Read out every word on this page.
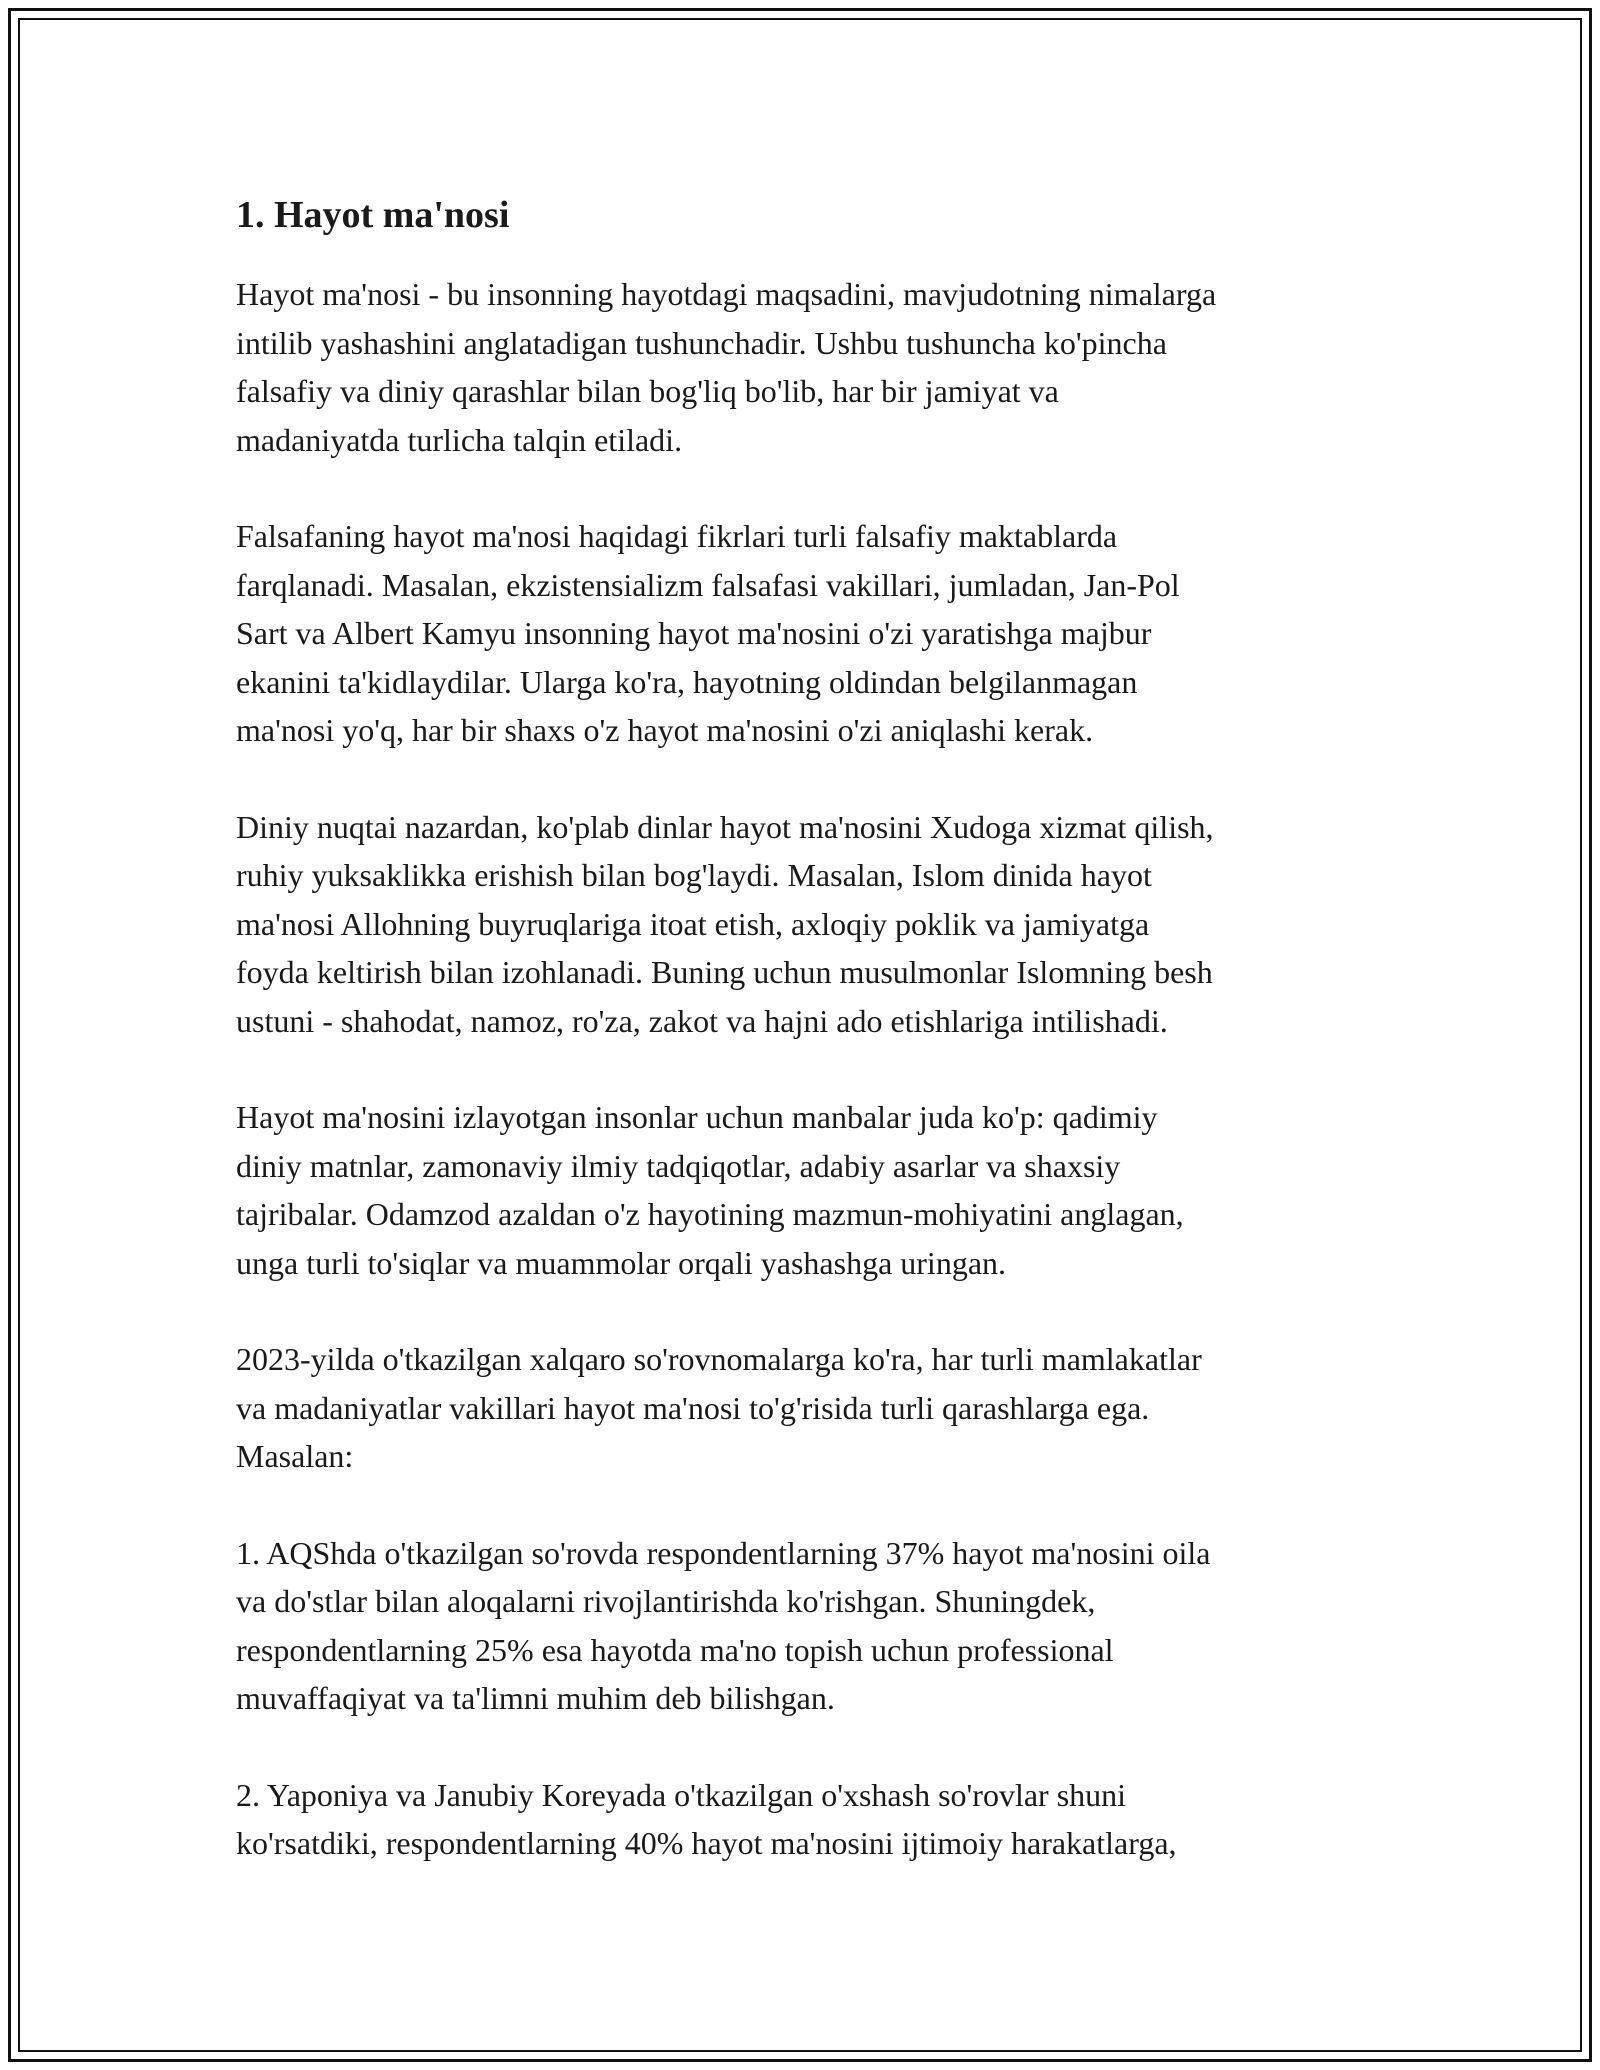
1. Hayot ma'nosi

Hayot ma'nosi - bu insonning hayotdagi maqsadini, mavjudotning nimalarga
intilib yashashini anglatadigan tushunchadir. Ushbu tushuncha ko'pincha
falsafiy va diniy qarashlar bilan bog'liq bo'lib, har bir jamiyat va
madaniyatda turlicha talqin etiladi.

Falsafaning hayot ma'nosi haqidagi fikrlari turli falsafiy maktablarda
farqlanadi. Masalan, ekzistensializm falsafasi vakillari, jumladan, Jan-Pol
Sart va Albert Kamyu insonning hayot ma'nosini o'zi yaratishga majbur
ekanini ta'kidlaydilar. Ularga ko'ra, hayotning oldindan belgilanmagan
ma'nosi yo'q, har bir shaxs o'z hayot ma'nosini o'zi aniqlashi kerak.

Diniy nuqtai nazardan, ko'plab dinlar hayot ma'nosini Xudoga xizmat qilish,
ruhiy yuksaklikka erishish bilan bog'laydi. Masalan, Islom dinida hayot
ma'nosi Allohning buyruqlariga itoat etish, axloqiy poklik va jamiyatga
foyda keltirish bilan izohlanadi. Buning uchun musulmonlar Islomning besh
ustuni - shahodat, namoz, ro'za, zakot va hajni ado etishlariga intilishadi.

Hayot ma'nosini izlayotgan insonlar uchun manbalar juda ko'p: qadimiy
diniy matnlar, zamonaviy ilmiy tadqiqotlar, adabiy asarlar va shaxsiy
tajribalar. Odamzod azaldan o'z hayotining mazmun-mohiyatini anglagan,
unga turli to'siqlar va muammolar orqali yashashga uringan.

2023-yilda o'tkazilgan xalqaro so'rovnomalarga ko'ra, har turli mamlakatlar
va madaniyatlar vakillari hayot ma'nosi to'g'risida turli qarashlarga ega.
Masalan:

1. AQShda o'tkazilgan so'rovda respondentlarning 37% hayot ma'nosini oila
va do'stlar bilan aloqalarni rivojlantirishda ko'rishgan. Shuningdek,
respondentlarning 25% esa hayotda ma'no topish uchun professional
muvaffaqiyat va ta'limni muhim deb bilishgan.

2. Yaponiya va Janubiy Koreyada o'tkazilgan o'xshash so'rovlar shuni
ko'rsatdiki, respondentlarning 40% hayot ma'nosini ijtimoiy harakatlarga,
